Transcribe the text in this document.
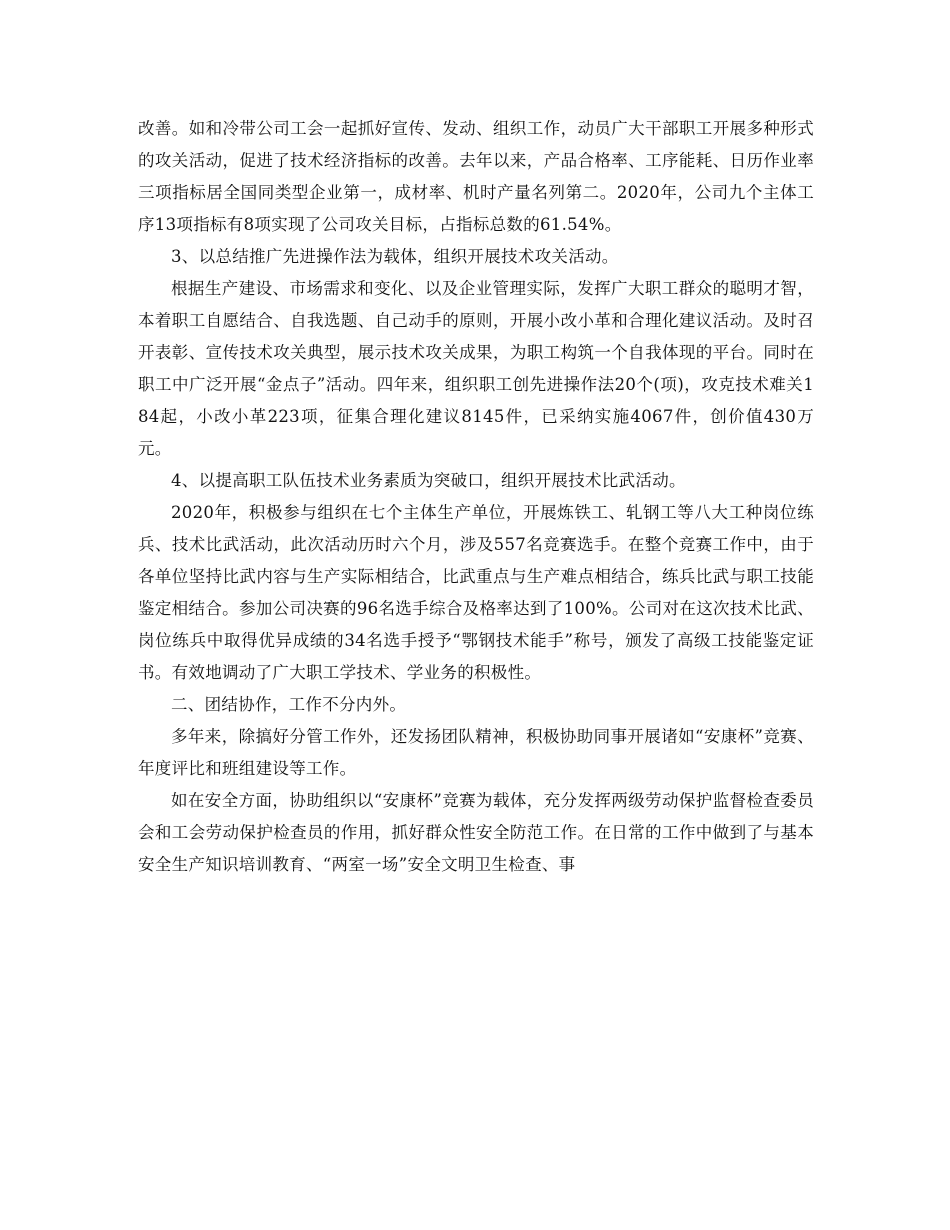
改善。如和冷带公司工会一起抓好宣传、发动、组织工作，动员广大干部职工开展多种形式的攻关活动，促进了技术经济指标的改善。去年以来，产品合格率、工序能耗、日历作业率三项指标居全国同类型企业第一，成材率、机时产量名列第二。2020年，公司九个主体工序13项指标有8项实现了公司攻关目标，占指标总数的61.54%。

3、以总结推广先进操作法为载体，组织开展技术攻关活动。

根据生产建设、市场需求和变化、以及企业管理实际，发挥广大职工群众的聪明才智，本着职工自愿结合、自我选题、自己动手的原则，开展小改小革和合理化建议活动。及时召开表彰、宣传技术攻关典型，展示技术攻关成果，为职工构筑一个自我体现的平台。同时在职工中广泛开展“金点子”活动。四年来，组织职工创先进操作法20个(项)，攻克技术难关184起，小改小革223项，征集合理化建议8145件，已采纳实施4067件，创价值430万元。

4、以提高职工队伍技术业务素质为突破口，组织开展技术比武活动。

2020年，积极参与组织在七个主体生产单位，开展炼铁工、轧钢工等八大工种岗位练兵、技术比武活动，此次活动历时六个月，涉及557名竞赛选手。在整个竞赛工作中，由于各单位坚持比武内容与生产实际相结合，比武重点与生产难点相结合，练兵比武与职工技能鉴定相结合。参加公司决赛的96名选手综合及格率达到了100%。公司对在这次技术比武、岗位练兵中取得优异成绩的34名选手授予“鄂钢技术能手”称号，颁发了高级工技能鉴定证书。有效地调动了广大职工学技术、学业务的积极性。

二、团结协作，工作不分内外。

多年来，除搞好分管工作外，还发扬团队精神，积极协助同事开展诸如“安康杯”竞赛、年度评比和班组建设等工作。

如在安全方面，协助组织以“安康杯”竞赛为载体，充分发挥两级劳动保护监督检查委员会和工会劳动保护检查员的作用，抓好群众性安全防范工作。在日常的工作中做到了与基本安全生产知识培训教育、“两室一场”安全文明卫生检查、事
